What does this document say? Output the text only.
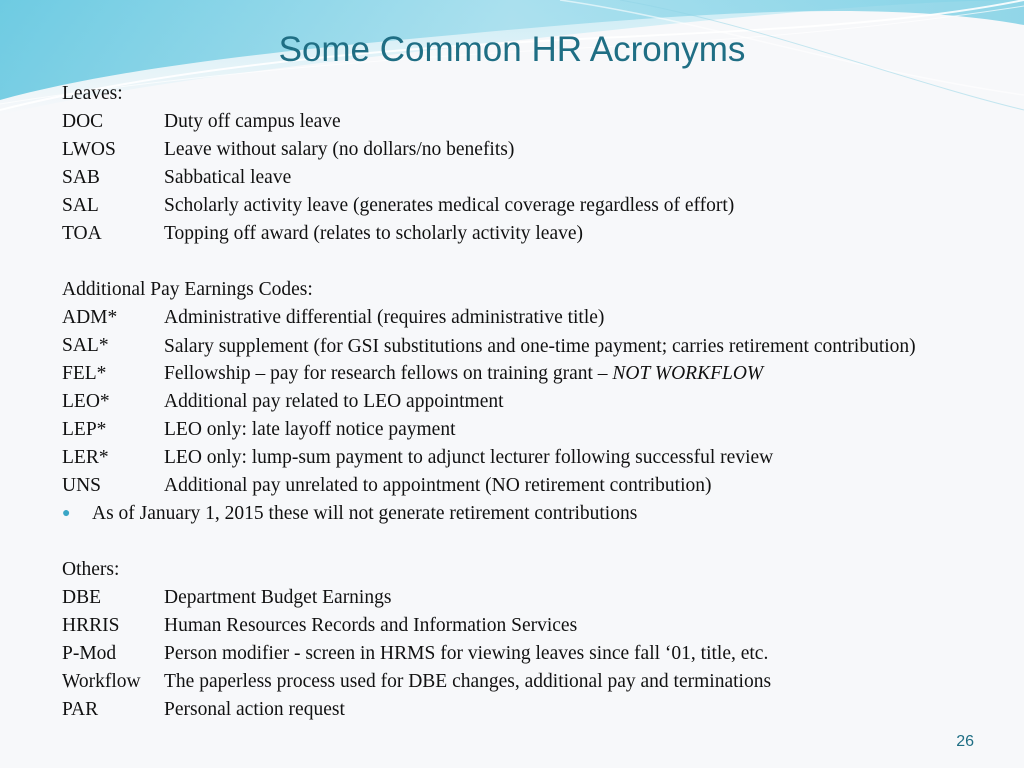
Some Common HR Acronyms
Leaves:
DOC	Duty off campus leave
LWOS	Leave without salary (no dollars/no benefits)
SAB	Sabbatical leave
SAL	Scholarly activity leave (generates medical coverage regardless of effort)
TOA	Topping off award (relates to scholarly activity leave)
Additional Pay Earnings Codes:
ADM*	Administrative differential (requires administrative title)
SAL*	Salary supplement (for GSI substitutions and one-time payment; carries retirement contribution)
FEL*	Fellowship – pay for research fellows on training grant – NOT WORKFLOW
LEO*	Additional pay related to LEO appointment
LEP*	LEO only: late layoff notice payment
LER*	LEO only: lump-sum payment to adjunct lecturer following successful review
UNS	Additional pay unrelated to appointment (NO retirement contribution)
●	As of January 1, 2015 these will not generate retirement contributions
Others:
DBE	Department Budget Earnings
HRRIS	Human Resources Records and Information Services
P-Mod	Person modifier - screen in HRMS for viewing leaves since fall ‘01, title, etc.
Workflow	The paperless process used for DBE changes, additional pay and terminations
PAR	Personal action request
26
